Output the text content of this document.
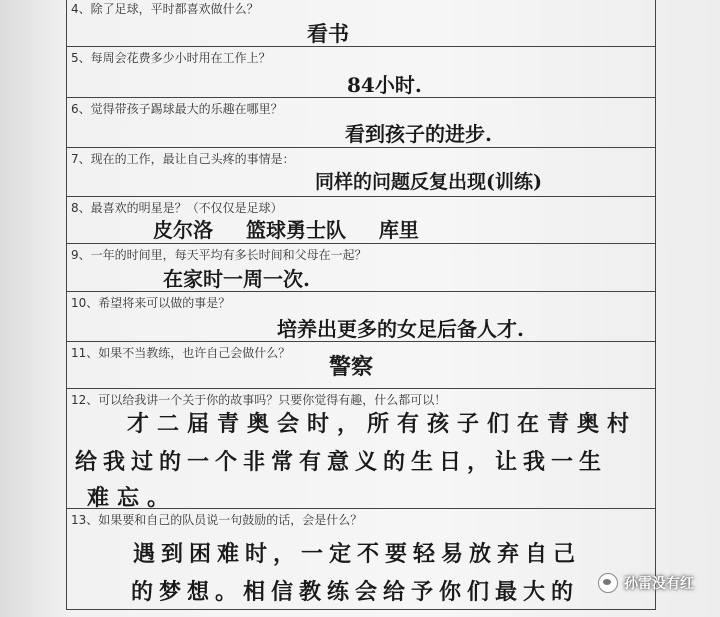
4、除了足球，平时都喜欢做什么？
看书
5、每周会花费多少小时用在工作上？
84小时.
6、觉得带孩子踢球最大的乐趣在哪里？
看到孩子的进步.
7、现在的工作，最让自己头疼的事情是：
同样的问题反复出现(训练)
8、最喜欢的明星是？（不仅仅是足球）
皮尔洛 篮球勇士队 库里
9、一年的时间里，每天平均有多长时间和父母在一起？
在家时一周一次.
10、希望将来可以做的事是？
培养出更多的女足后备人才.
11、如果不当教练，也许自己会做什么？
警察
12、可以给我讲一个关于你的故事吗？只要你觉得有趣，什么都可以！
才二届青奥会时，所有孩子们在青奥村
给我过的一个非常有意义的生日，让我一生
难忘。
13、如果要和自己的队员说一句鼓励的话，会是什么？
遇到困难时，一定不要轻易放弃自己
的梦想。相信教练会给予你们最大的	孙雷没有红
